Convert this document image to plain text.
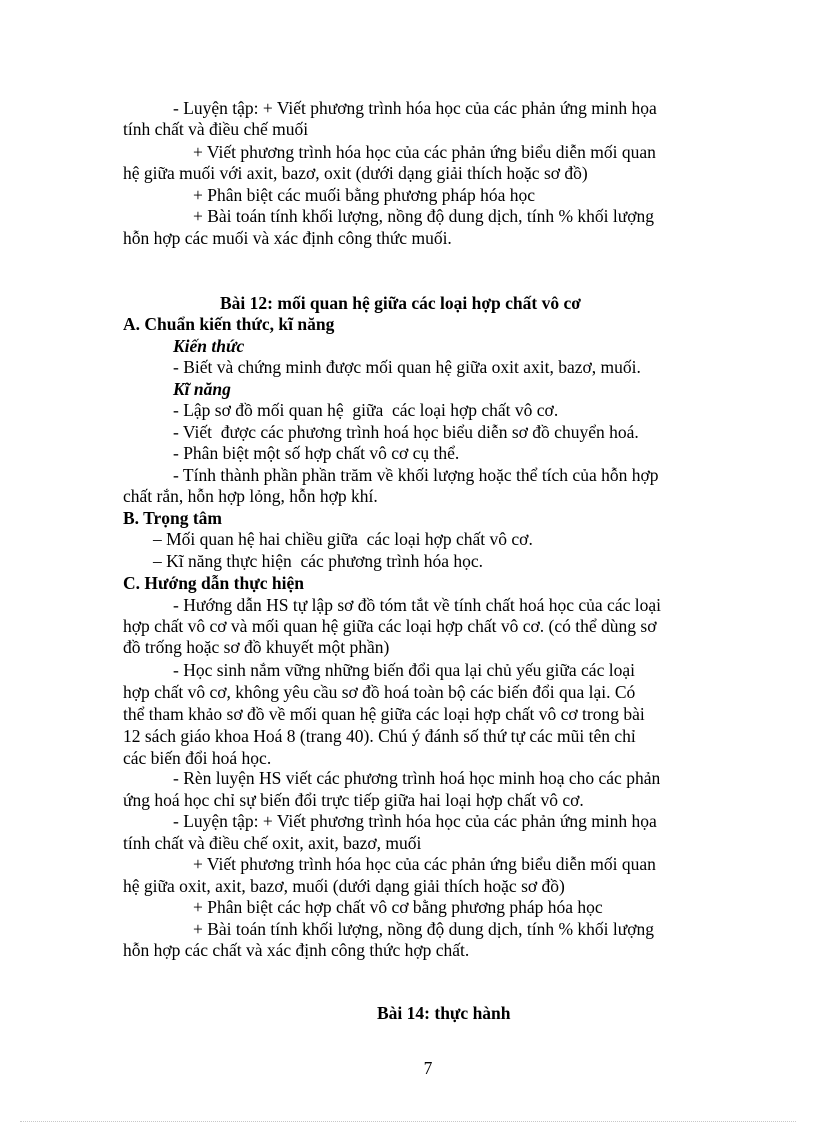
- Luyện tập: + Viết phương trình hóa học của các phản ứng minh họa
tính chất và điều chế muối
+ Viết phương trình hóa học của các phản ứng biểu diễn mối quan
hệ giữa muối với axit, bazơ, oxit (dưới dạng giải thích hoặc sơ đồ)
+ Phân biệt các muối bằng phương pháp hóa học
+ Bài toán tính khối lượng, nồng độ dung dịch, tính % khối lượng
hỗn hợp các muối và xác định công thức muối.
Bài 12: mối quan hệ giữa các loại hợp chất vô cơ
A. Chuẩn kiến thức, kĩ năng
Kiến thức
- Biết và chứng minh được mối quan hệ giữa oxit axit, bazơ, muối.
Kĩ năng
- Lập sơ đồ mối quan hệ  giữa  các loại hợp chất vô cơ.
- Viết  được các phương trình hoá học biểu diễn sơ đồ chuyển hoá.
- Phân biệt một số hợp chất vô cơ cụ thể.
- Tính thành phần phần trăm về khối lượng hoặc thể tích của hỗn hợp
chất rắn, hỗn hợp lỏng, hỗn hợp khí.
B. Trọng tâm
– Mối quan hệ hai chiều giữa  các loại hợp chất vô cơ.
– Kĩ năng thực hiện  các phương trình hóa học.
C. Hướng dẫn thực hiện
- Hướng dẫn HS tự lập sơ đồ tóm tắt về tính chất hoá học của các loại
hợp chất vô cơ và mối quan hệ giữa các loại hợp chất vô cơ. (có thể dùng sơ
đồ trống hoặc sơ đồ khuyết một phần)
- Học sinh nắm vững những biến đổi qua lại chủ yếu giữa các loại
hợp chất vô cơ, không yêu cầu sơ đồ hoá toàn bộ các biến đổi qua lại. Có
thể tham khảo sơ đồ về mối quan hệ giữa các loại hợp chất vô cơ trong bài
12 sách giáo khoa Hoá 8 (trang 40). Chú ý đánh số thứ tự các mũi tên chỉ
các biến đổi hoá học.
- Rèn luyện HS viết các phương trình hoá học minh hoạ cho các phản
ứng hoá học chỉ sự biến đổi trực tiếp giữa hai loại hợp chất vô cơ.
- Luyện tập: + Viết phương trình hóa học của các phản ứng minh họa
tính chất và điều chế oxit, axit, bazơ, muối
+ Viết phương trình hóa học của các phản ứng biểu diễn mối quan
hệ giữa oxit, axit, bazơ, muối (dưới dạng giải thích hoặc sơ đồ)
+ Phân biệt các hợp chất vô cơ bằng phương pháp hóa học
+ Bài toán tính khối lượng, nồng độ dung dịch, tính % khối lượng
hỗn hợp các chất và xác định công thức hợp chất.
Bài 14: thực hành
7
